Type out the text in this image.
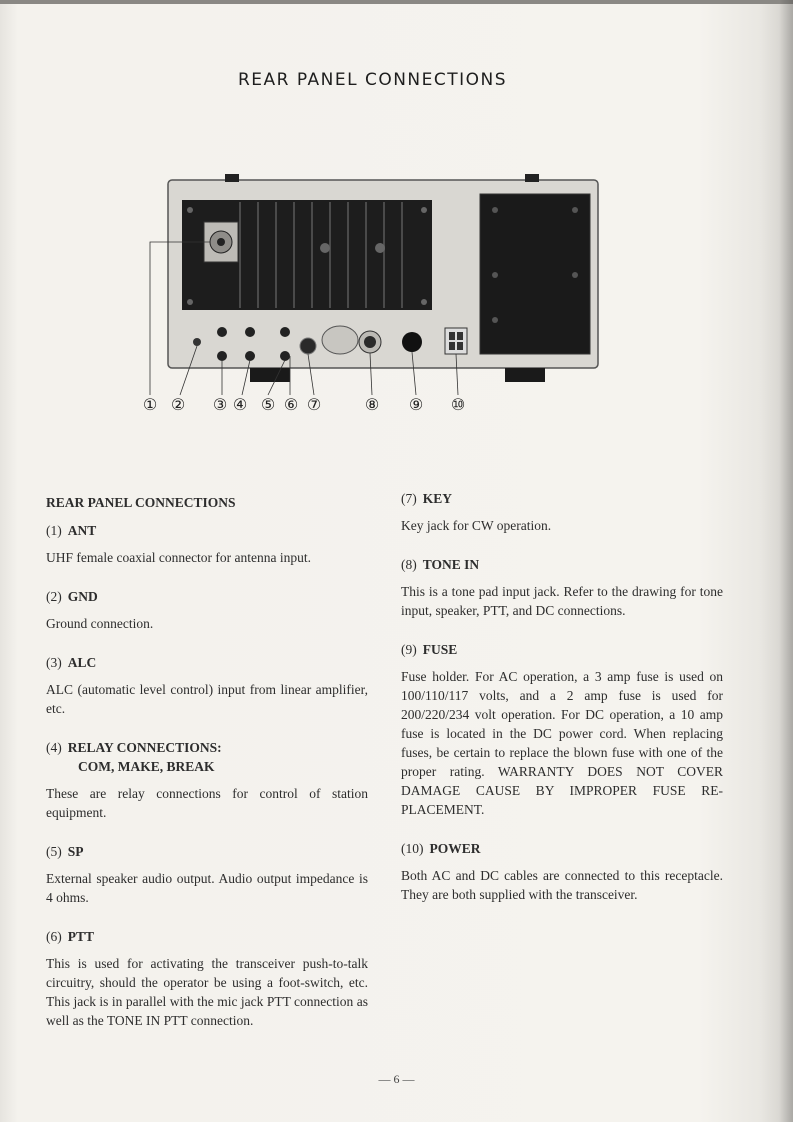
REAR PANEL CONNECTIONS
① ② ③ ④ ⑤ ⑥ ⑦	⑧ ⑨ ⑩
REAR PANEL CONNECTIONS
(1) ANT

UHF female coaxial connector for antenna input.

(2) GND

Ground connection.

(3) ALC

ALC (automatic level control) input from linear amplifier, etc.

(4) RELAY CONNECTIONS:
COM, MAKE, BREAK

These are relay connections for control of station equipment.

(5) SP

External speaker audio output. Audio output impedance is 4 ohms.

(6) PTT

This is used for activating the transceiver push-to-talk circuitry, should the operator be using a foot-switch, etc. This jack is in parallel with the mic jack PTT connection as well as the TONE IN PTT connection.

(7) KEY

Key jack for CW operation.

(8) TONE IN

This is a tone pad input jack. Refer to the drawing for tone input, speaker, PTT, and DC connections.

(9) FUSE

Fuse holder. For AC operation, a 3 amp fuse is used on 100/110/117 volts, and a 2 amp fuse is used for 200/220/234 volt operation. For DC operation, a 10 amp fuse is located in the DC power cord. When replacing fuses, be certain to replace the blown fuse with one of the proper rating. WARRANTY DOES NOT COVER DAMAGE CAUSE BY IMPROPER FUSE RE-PLACEMENT.

(10) POWER

Both AC and DC cables are connected to this receptacle. They are both supplied with the transceiver.

— 6 —
